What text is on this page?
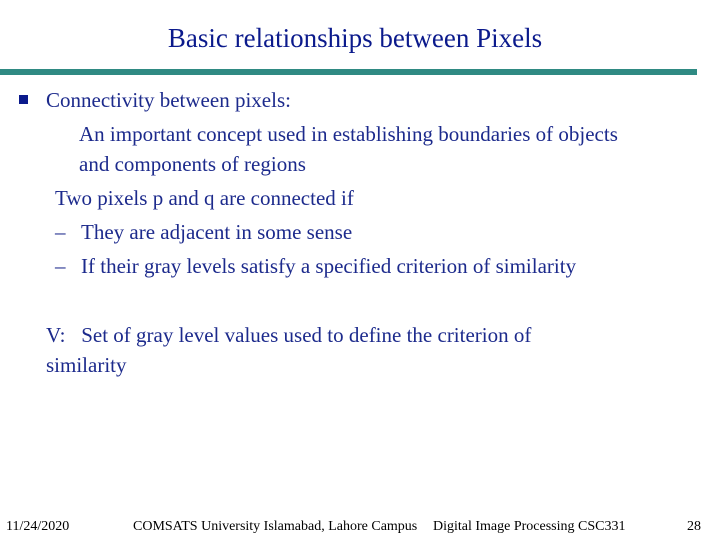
Basic relationships between Pixels
Connectivity between pixels:
An important concept used in establishing boundaries of objects
and components of regions
Two pixels p and q are connected if
– They are adjacent in some sense
– If their gray levels satisfy a specified criterion of similarity
V:   Set of gray level values used to define the criterion of
similarity
11/24/2020	COMSATS University Islamabad, Lahore Campus Digital Image Processing CSC331	28
